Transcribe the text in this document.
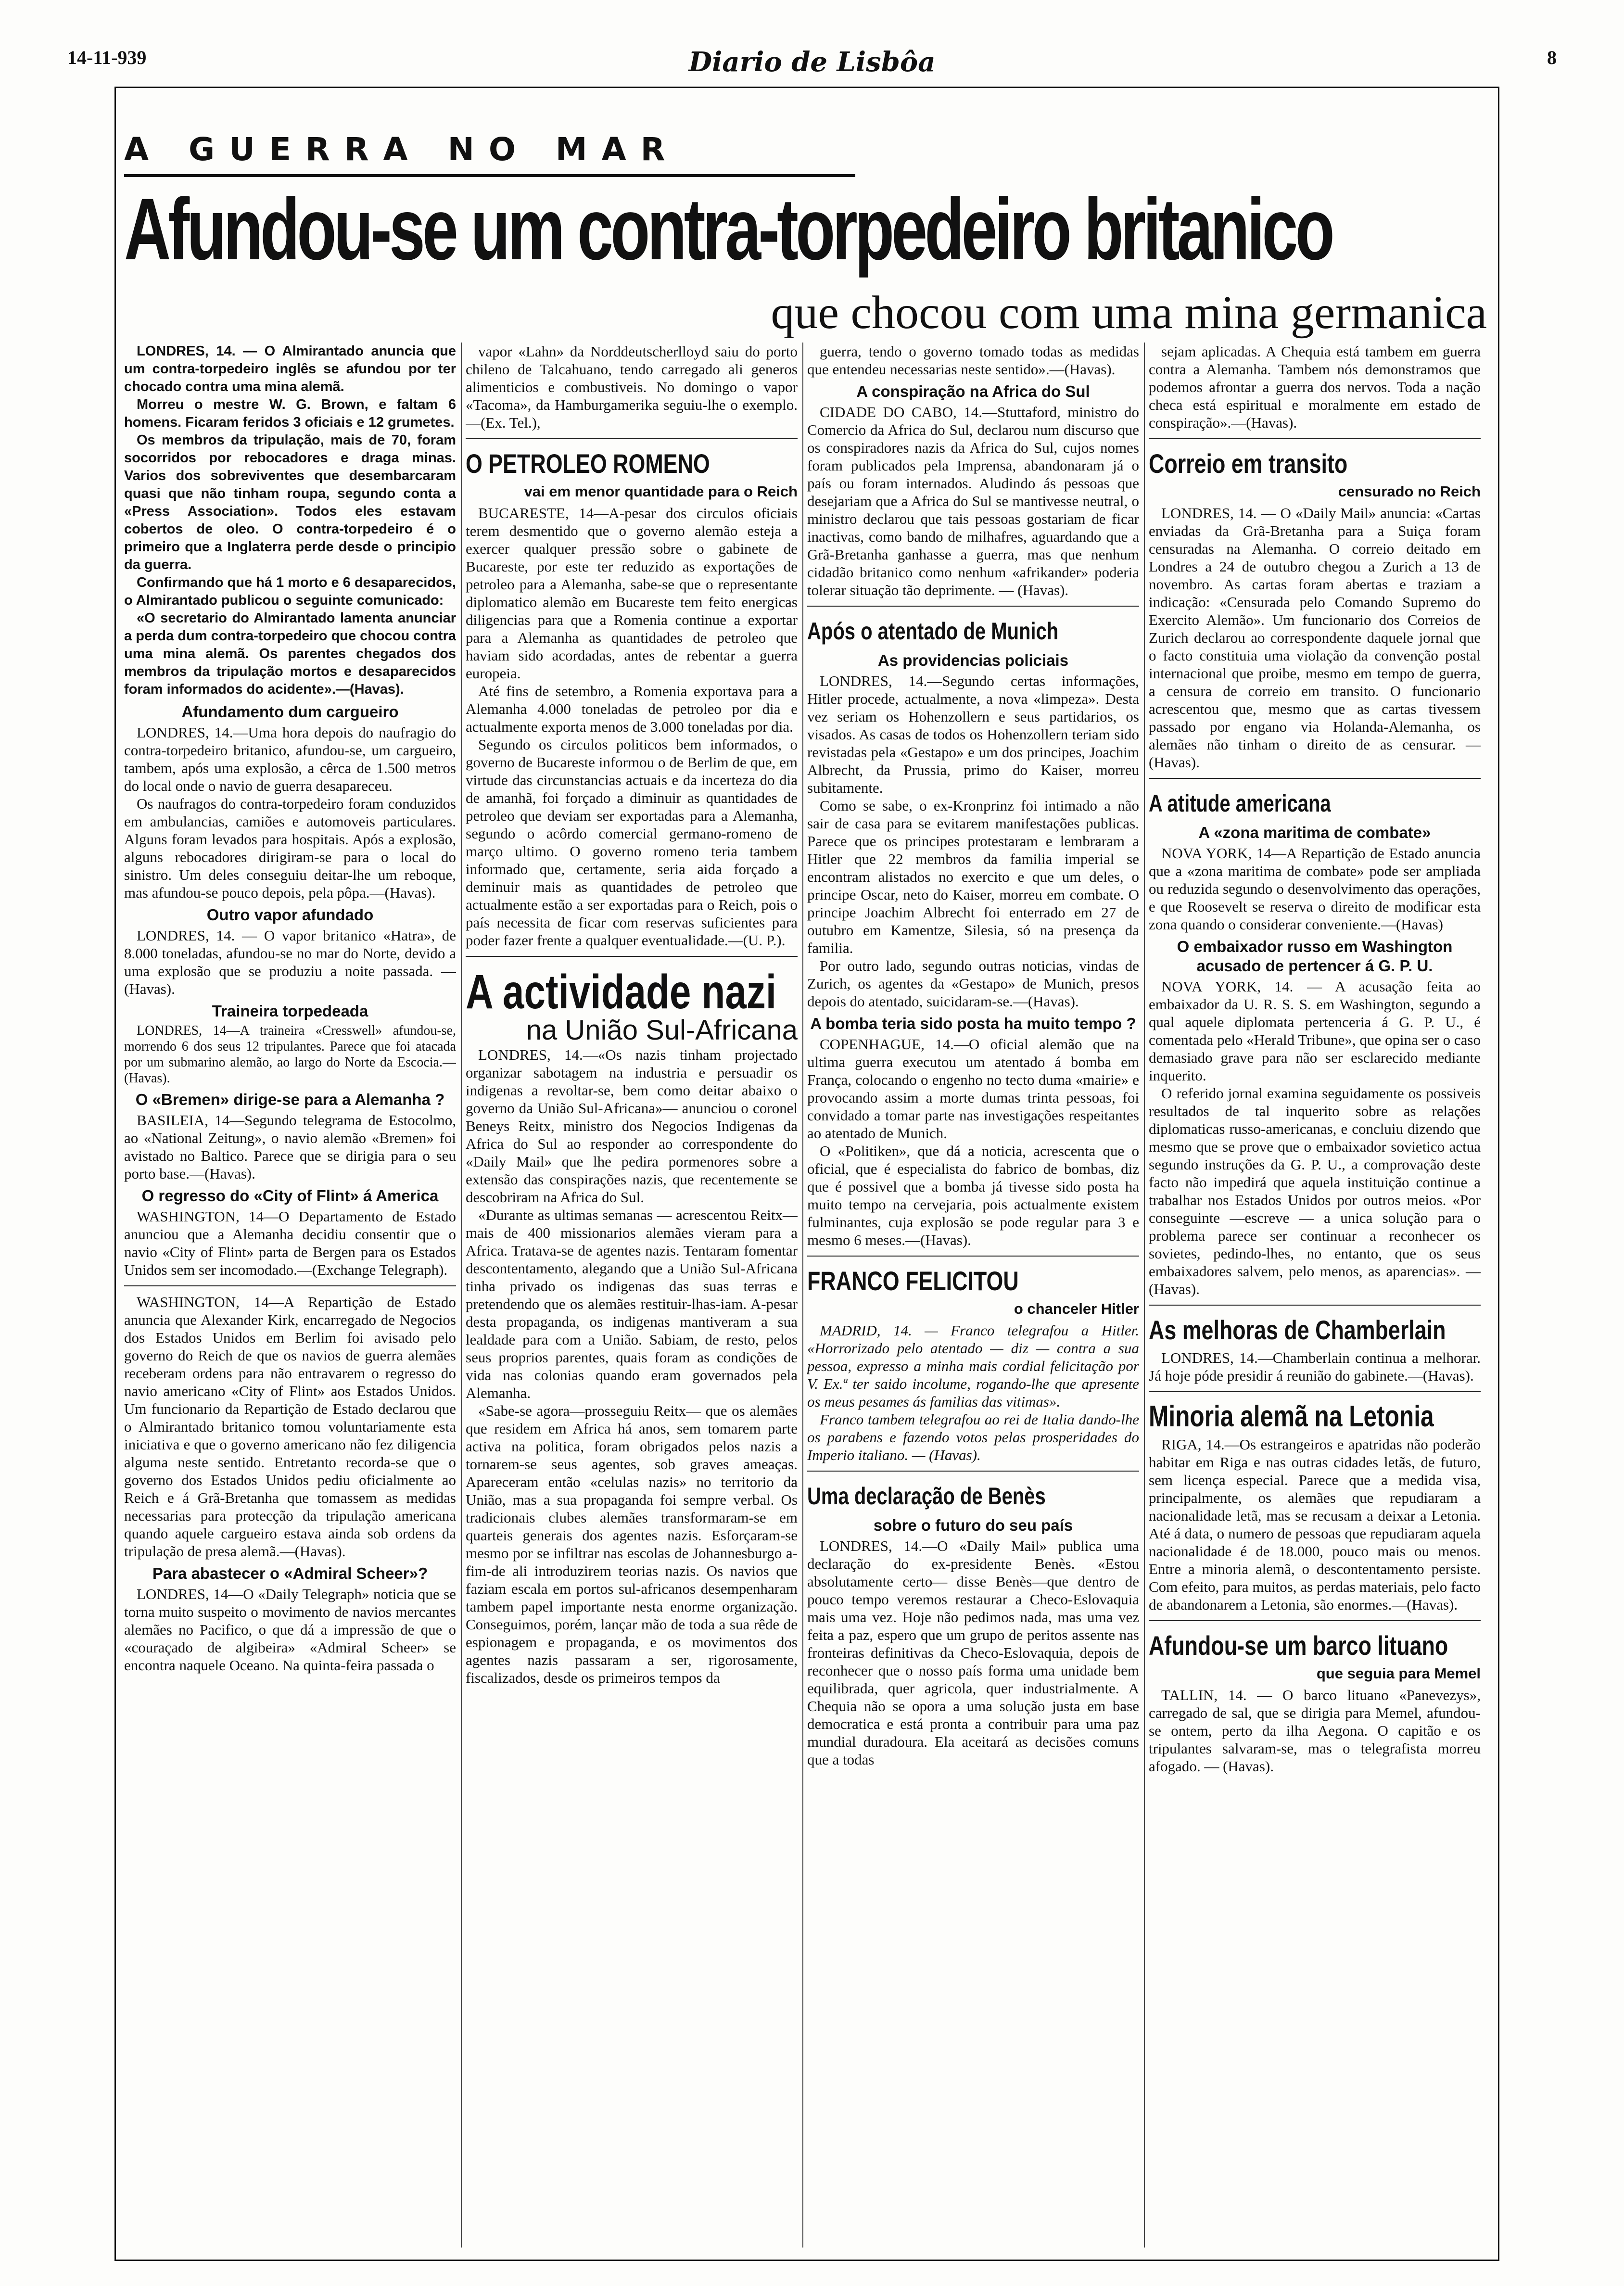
14-11-939	Diario de Lisbôa	8
A GUERRA NO MAR
Afundou-se um contra-torpedeiro britanico
que chocou com uma mina germanica

LONDRES, 14. — O Almirantado anuncia que um contra-torpedeiro inglês se afundou por ter chocado contra uma mina alemã.

Morreu o mestre W. G. Brown, e faltam 6 homens. Ficaram feridos 3 oficiais e 12 grumetes.

Os membros da tripulação, mais de 70, foram socorridos por rebocadores e draga minas. Varios dos sobreviventes que desembarcaram quasi que não tinham roupa, segundo conta a «Press Association». Todos eles estavam cobertos de oleo. O contra-torpedeiro é o primeiro que a Inglaterra perde desde o principio da guerra.

Confirmando que há 1 morto e 6 desaparecidos, o Almirantado publicou o seguinte comunicado:

«O secretario do Almirantado lamenta anunciar a perda dum contra-torpedeiro que chocou contra uma mina alemã. Os parentes chegados dos membros da tripulação mortos e desaparecidos foram informados do acidente».—(Havas).

Afundamento dum cargueiro

LONDRES, 14.—Uma hora depois do naufragio do contra-torpedeiro britanico, afundou-se, um cargueiro, tambem, após uma explosão, a cêrca de 1.500 metros do local onde o navio de guerra desapareceu.

Os naufragos do contra-torpedeiro foram conduzidos em ambulancias, camiões e automoveis particulares. Alguns foram levados para hospitais. Após a explosão, alguns rebocadores dirigiram-se para o local do sinistro. Um deles conseguiu deitar-lhe um reboque, mas afundou-se pouco depois, pela pôpa.—(Havas).

Outro vapor afundado

LONDRES, 14. — O vapor britanico «Hatra», de 8.000 toneladas, afundou-se no mar do Norte, devido a uma explosão que se produziu a noite passada. — (Havas).

Traineira torpedeada

LONDRES, 14—A traineira «Cresswell» afundou-se, morrendo 6 dos seus 12 tripulantes. Parece que foi atacada por um submarino alemão, ao largo do Norte da Escocia.—(Havas).

O «Bremen» dirige-se para a Alemanha ?

BASILEIA, 14—Segundo telegrama de Estocolmo, ao «National Zeitung», o navio alemão «Bremen» foi avistado no Baltico. Parece que se dirigia para o seu porto base.—(Havas).

O regresso do «City of Flint» á America

WASHINGTON, 14—O Departamento de Estado anunciou que a Alemanha decidiu consentir que o navio «City of Flint» parta de Bergen para os Estados Unidos sem ser incomodado.—(Exchange Telegraph).

WASHINGTON, 14—A Repartição de Estado anuncia que Alexander Kirk, encarregado de Negocios dos Estados Unidos em Berlim foi avisado pelo governo do Reich de que os navios de guerra alemães receberam ordens para não entravarem o regresso do navio americano «City of Flint» aos Estados Unidos. Um funcionario da Repartição de Estado declarou que o Almirantado britanico tomou voluntariamente esta iniciativa e que o governo americano não fez diligencia alguma neste sentido. Entretanto recorda-se que o governo dos Estados Unidos pediu oficialmente ao Reich e á Grã-Bretanha que tomassem as medidas necessarias para protecção da tripulação americana quando aquele cargueiro estava ainda sob ordens da tripulação de presa alemã.—(Havas).

Para abastecer o «Admiral Scheer»?

LONDRES, 14—O «Daily Telegraph» noticia que se torna muito suspeito o movimento de navios mercantes alemães no Pacifico, o que dá a impressão de que o «couraçado de algibeira» «Admiral Scheer» se encontra naquele Oceano. Na quinta-feira passada o

vapor «Lahn» da Norddeutscherlloyd saiu do porto chileno de Talcahuano, tendo carregado ali generos alimenticios e combustiveis. No domingo o vapor «Tacoma», da Hamburgamerika seguiu-lhe o exemplo.—(Ex. Tel.),

O PETROLEO ROMENO
vai em menor quantidade para o Reich

BUCARESTE, 14—A-pesar dos circulos oficiais terem desmentido que o governo alemão esteja a exercer qualquer pressão sobre o gabinete de Bucareste, por este ter reduzido as exportações de petroleo para a Alemanha, sabe-se que o representante diplomatico alemão em Bucareste tem feito energicas diligencias para que a Romenia continue a exportar para a Alemanha as quantidades de petroleo que haviam sido acordadas, antes de rebentar a guerra europeia.

Até fins de setembro, a Romenia exportava para a Alemanha 4.000 toneladas de petroleo por dia e actualmente exporta menos de 3.000 toneladas por dia.

Segundo os circulos politicos bem informados, o governo de Bucareste informou o de Berlim de que, em virtude das circunstancias actuais e da incerteza do dia de amanhã, foi forçado a diminuir as quantidades de petroleo que deviam ser exportadas para a Alemanha, segundo o acôrdo comercial germano-romeno de março ultimo. O governo romeno teria tambem informado que, certamente, seria aida forçado a deminuir mais as quantidades de petroleo que actualmente estão a ser exportadas para o Reich, pois o país necessita de ficar com reservas suficientes para poder fazer frente a qualquer eventualidade.—(U. P.).

A actividade nazi
na União Sul-Africana

LONDRES, 14.—«Os nazis tinham projectado organizar sabotagem na industria e persuadir os indigenas a revoltar-se, bem como deitar abaixo o governo da União Sul-Africana»— anunciou o coronel Beneys Reitx, ministro dos Negocios Indigenas da Africa do Sul ao responder ao correspondente do «Daily Mail» que lhe pedira pormenores sobre a extensão das conspirações nazis, que recentemente se descobriram na Africa do Sul.

«Durante as ultimas semanas — acrescentou Reitx—mais de 400 missionarios alemães vieram para a Africa. Tratava-se de agentes nazis. Tentaram fomentar descontentamento, alegando que a União Sul-Africana tinha privado os indigenas das suas terras e pretendendo que os alemães restituir-lhas-iam. A-pesar desta propaganda, os indigenas mantiveram a sua lealdade para com a União. Sabiam, de resto, pelos seus proprios parentes, quais foram as condições de vida nas colonias quando eram governados pela Alemanha.

«Sabe-se agora—prosseguiu Reitx— que os alemães que residem em Africa há anos, sem tomarem parte activa na politica, foram obrigados pelos nazis a tornarem-se seus agentes, sob graves ameaças. Apareceram então «celulas nazis» no territorio da União, mas a sua propaganda foi sempre verbal. Os tradicionais clubes alemães transformaram-se em quarteis generais dos agentes nazis. Esforçaram-se mesmo por se infiltrar nas escolas de Johannesburgo a-fim-de ali introduzirem teorias nazis. Os navios que faziam escala em portos sul-africanos desempenharam tambem papel importante nesta enorme organização. Conseguimos, porém, lançar mão de toda a sua rêde de espionagem e propaganda, e os movimentos dos agentes nazis passaram a ser, rigorosamente, fiscalizados, desde os primeiros tempos da

guerra, tendo o governo tomado todas as medidas que entendeu necessarias neste sentido».—(Havas).

A conspiração na Africa do Sul

CIDADE DO CABO, 14.—Stuttaford, ministro do Comercio da Africa do Sul, declarou num discurso que os conspiradores nazis da Africa do Sul, cujos nomes foram publicados pela Imprensa, abandonaram já o país ou foram internados. Aludindo ás pessoas que desejariam que a Africa do Sul se mantivesse neutral, o ministro declarou que tais pessoas gostariam de ficar inactivas, como bando de milhafres, aguardando que a Grã-Bretanha ganhasse a guerra, mas que nenhum cidadão britanico como nenhum «afrikander» poderia tolerar situação tão deprimente. — (Havas).

Após o atentado de Munich
As providencias policiais

LONDRES, 14.—Segundo certas informações, Hitler procede, actualmente, a nova «limpeza». Desta vez seriam os Hohenzollern e seus partidarios, os visados. As casas de todos os Hohenzollern teriam sido revistadas pela «Gestapo» e um dos principes, Joachim Albrecht, da Prussia, primo do Kaiser, morreu subitamente.

Como se sabe, o ex-Kronprinz foi intimado a não sair de casa para se evitarem manifestações publicas. Parece que os principes protestaram e lembraram a Hitler que 22 membros da familia imperial se encontram alistados no exercito e que um deles, o principe Oscar, neto do Kaiser, morreu em combate. O principe Joachim Albrecht foi enterrado em 27 de outubro em Kamentze, Silesia, só na presença da familia.

Por outro lado, segundo outras noticias, vindas de Zurich, os agentes da «Gestapo» de Munich, presos depois do atentado, suicidaram-se.—(Havas).

A bomba teria sido posta ha muito tempo ?

COPENHAGUE, 14.—O oficial alemão que na ultima guerra executou um atentado á bomba em França, colocando o engenho no tecto duma «mairie» e provocando assim a morte dumas trinta pessoas, foi convidado a tomar parte nas investigações respeitantes ao atentado de Munich.

O «Politiken», que dá a noticia, acrescenta que o oficial, que é especialista do fabrico de bombas, diz que é possivel que a bomba já tivesse sido posta ha muito tempo na cervejaria, pois actualmente existem fulminantes, cuja explosão se pode regular para 3 e mesmo 6 meses.—(Havas).

FRANCO FELICITOU
o chanceler Hitler

MADRID, 14. — Franco telegrafou a Hitler. «Horrorizado pelo atentado — diz — contra a sua pessoa, expresso a minha mais cordial felicitação por V. Ex.ª ter saido incolume, rogando-lhe que apresente os meus pesames ás familias das vitimas».

Franco tambem telegrafou ao rei de Italia dando-lhe os parabens e fazendo votos pelas prosperidades do Imperio italiano. — (Havas).

Uma declaração de Benès
sobre o futuro do seu país

LONDRES, 14.—O «Daily Mail» publica uma declaração do ex-presidente Benès. «Estou absolutamente certo— disse Benès—que dentro de pouco tempo veremos restaurar a Checo-Eslovaquia mais uma vez. Hoje não pedimos nada, mas uma vez feita a paz, espero que um grupo de peritos assente nas fronteiras definitivas da Checo-Eslovaquia, depois de reconhecer que o nosso país forma uma unidade bem equilibrada, quer agricola, quer industrialmente. A Chequia não se opora a uma solução justa em base democratica e está pronta a contribuir para uma paz mundial duradoura. Ela aceitará as decisões comuns que a todas

sejam aplicadas. A Chequia está tambem em guerra contra a Alemanha. Tambem nós demonstramos que podemos afrontar a guerra dos nervos. Toda a nação checa está espiritual e moralmente em estado de conspiração».—(Havas).

Correio em transito
censurado no Reich

LONDRES, 14. — O «Daily Mail» anuncia: «Cartas enviadas da Grã-Bretanha para a Suiça foram censuradas na Alemanha. O correio deitado em Londres a 24 de outubro chegou a Zurich a 13 de novembro. As cartas foram abertas e traziam a indicação: «Censurada pelo Comando Supremo do Exercito Alemão». Um funcionario dos Correios de Zurich declarou ao correspondente daquele jornal que o facto constituia uma violação da convenção postal internacional que proibe, mesmo em tempo de guerra, a censura de correio em transito. O funcionario acrescentou que, mesmo que as cartas tivessem passado por engano via Holanda-Alemanha, os alemães não tinham o direito de as censurar. — (Havas).

A atitude americana
A «zona maritima de combate»

NOVA YORK, 14—A Repartição de Estado anuncia que a «zona maritima de combate» pode ser ampliada ou reduzida segundo o desenvolvimento das operações, e que Roosevelt se reserva o direito de modificar esta zona quando o considerar conveniente.—(Havas)

O embaixador russo em Washington acusado de pertencer á G. P. U.

NOVA YORK, 14. — A acusação feita ao embaixador da U. R. S. S. em Washington, segundo a qual aquele diplomata pertenceria á G. P. U., é comentada pelo «Herald Tribune», que opina ser o caso demasiado grave para não ser esclarecido mediante inquerito.

O referido jornal examina seguidamente os possiveis resultados de tal inquerito sobre as relações diplomaticas russo-americanas, e concluiu dizendo que mesmo que se prove que o embaixador sovietico actua segundo instruções da G. P. U., a comprovação deste facto não impedirá que aquela instituição continue a trabalhar nos Estados Unidos por outros meios. «Por conseguinte —escreve — a unica solução para o problema parece ser continuar a reconhecer os sovietes, pedindo-lhes, no entanto, que os seus embaixadores salvem, pelo menos, as aparencias». — (Havas).

As melhoras de Chamberlain

LONDRES, 14.—Chamberlain continua a melhorar. Já hoje póde presidir á reunião do gabinete.—(Havas).

Minoria alemã na Letonia

RIGA, 14.—Os estrangeiros e apatridas não poderão habitar em Riga e nas outras cidades letãs, de futuro, sem licença especial. Parece que a medida visa, principalmente, os alemães que repudiaram a nacionalidade letã, mas se recusam a deixar a Letonia. Até á data, o numero de pessoas que repudiaram aquela nacionalidade é de 18.000, pouco mais ou menos. Entre a minoria alemã, o descontentamento persiste. Com efeito, para muitos, as perdas materiais, pelo facto de abandonarem a Letonia, são enormes.—(Havas).

Afundou-se um barco lituano
que seguia para Memel

TALLIN, 14. — O barco lituano «Panevezys», carregado de sal, que se dirigia para Memel, afundou-se ontem, perto da ilha Aegona. O capitão e os tripulantes salvaram-se, mas o telegrafista morreu afogado. — (Havas).
